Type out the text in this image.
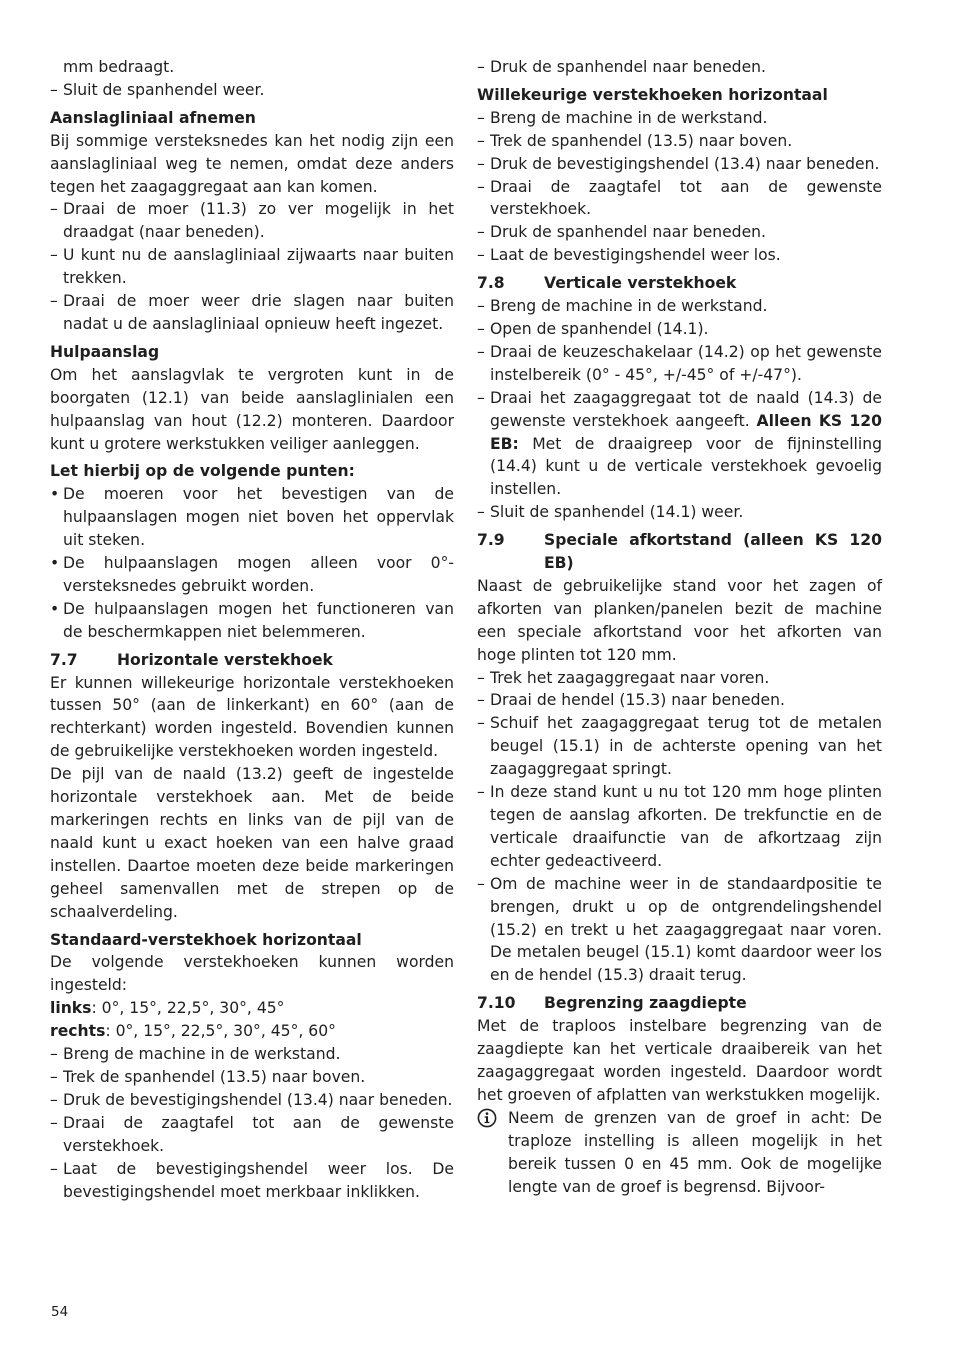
mm bedraagt.

– Sluit de spanhendel weer.

Aanslagliniaal afnemen

Bij sommige versteksnedes kan het nodig zijn een aanslagliniaal weg te nemen, omdat deze anders tegen het zaagaggregaat aan kan komen.

– Draai de moer (11.3) zo ver mogelijk in het draadgat (naar beneden).

– U kunt nu de aanslagliniaal zijwaarts naar buiten trekken.

– Draai de moer weer drie slagen naar buiten nadat u de aanslagliniaal opnieuw heeft ingezet.

Hulpaanslag

Om het aanslagvlak te vergroten kunt in de boorgaten (12.1) van beide aanslaglinialen een hulpaanslag van hout (12.2) monteren. Daardoor kunt u grotere werkstukken veiliger aanleggen.

Let hierbij op de volgende punten:

• De moeren voor het bevestigen van de hulpaanslagen mogen niet boven het oppervlak uit steken.

• De hulpaanslagen mogen alleen voor 0°-versteksnedes gebruikt worden.

• De hulpaanslagen mogen het functioneren van de beschermkappen niet belemmeren.

7.7	Horizontale verstekhoek

Er kunnen willekeurige horizontale verstekhoeken tussen 50° (aan de linkerkant) en 60° (aan de rechterkant) worden ingesteld. Bovendien kunnen de gebruikelijke verstekhoeken worden ingesteld.

De pijl van de naald (13.2) geeft de ingestelde horizontale verstekhoek aan. Met de beide markeringen rechts en links van de pijl van de naald kunt u exact hoeken van een halve graad instellen. Daartoe moeten deze beide markeringen geheel samenvallen met de strepen op de schaalverdeling.

Standaard-verstekhoek horizontaal

De volgende verstekhoeken kunnen worden ingesteld:

links: 0°, 15°, 22,5°, 30°, 45°

rechts: 0°, 15°, 22,5°, 30°, 45°, 60°

– Breng de machine in de werkstand.

– Trek de spanhendel (13.5) naar boven.

– Druk de bevestigingshendel (13.4) naar beneden.

– Draai de zaagtafel tot aan de gewenste verstekhoek.

– Laat de bevestigingshendel weer los. De bevestigingshendel moet merkbaar inklikken.

– Druk de spanhendel naar beneden.

Willekeurige verstekhoeken horizontaal

– Breng de machine in de werkstand.

– Trek de spanhendel (13.5) naar boven.

– Druk de bevestigingshendel (13.4) naar beneden.

– Draai de zaagtafel tot aan de gewenste verstekhoek.

– Druk de spanhendel naar beneden.

– Laat de bevestigingshendel weer los.

7.8	Verticale verstekhoek

– Breng de machine in de werkstand.

– Open de spanhendel (14.1).

– Draai de keuzeschakelaar (14.2) op het gewenste instelbereik (0° - 45°, +/-45° of +/-47°).

– Draai het zaagaggregaat tot de naald (14.3) de gewenste verstekhoek aangeeft. Alleen KS 120 EB: Met de draaigreep voor de fijninstelling (14.4) kunt u de verticale verstekhoek gevoelig instellen.

– Sluit de spanhendel (14.1) weer.

7.9	Speciale afkortstand (alleen KS 120 EB)

Naast de gebruikelijke stand voor het zagen of afkorten van planken/panelen bezit de machine een speciale afkortstand voor het afkorten van hoge plinten tot 120 mm.

– Trek het zaagaggregaat naar voren.

– Draai de hendel (15.3) naar beneden.

– Schuif het zaagaggregaat terug tot de metalen beugel (15.1) in de achterste opening van het zaagaggregaat springt.

– In deze stand kunt u nu tot 120 mm hoge plinten tegen de aanslag afkorten. De trekfunctie en de verticale draaifunctie van de afkortzaag zijn echter gedeactiveerd.

– Om de machine weer in de standaardpositie te brengen, drukt u op de ontgrendelingshendel (15.2) en trekt u het zaagaggregaat naar voren. De metalen beugel (15.1) komt daardoor weer los en de hendel (15.3) draait terug.

7.10 Begrenzing zaagdiepte

Met de traploos instelbare begrenzing van de zaagdiepte kan het verticale draaibereik van het zaagaggregaat worden ingesteld. Daardoor wordt het groeven of afplatten van werkstukken mogelijk.

Neem de grenzen van de groef in acht: De traploze instelling is alleen mogelijk in het bereik tussen 0 en 45 mm. Ook de mogelijke lengte van de groef is begrensd. Bijvoor-

54
